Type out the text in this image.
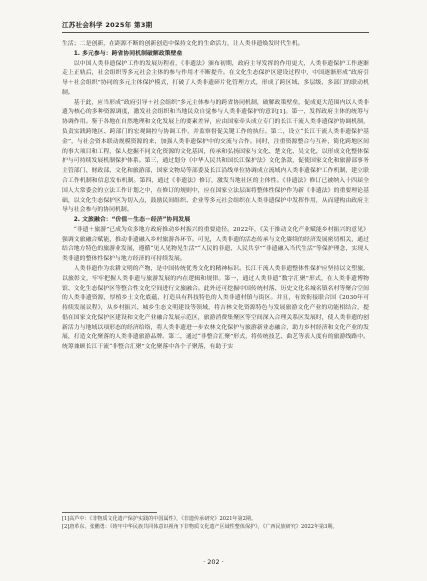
江苏社会科学 2025年 第3期

生活；二是创新，在距源不断的创新创造中保持文化的生命活力，让人类非遗焕发时代生机。

1. 多元参与：跨省协同机制破解政策壁垒

以中国人类非遗保护工作的发展历程看，《非遗法》颁布初期，政府主导发挥的作用更大，人类非遗保护工作逐渐走上正轨后，社会组织等多元社会主体的参与作用才不断提升。在文化生态保护区建设过程中，中国逐渐形成“政府引导＋社会组织”协同的多元主体保护模式，打破了人类非遗碎片化管理方式，形成了跨区域、多层级、多部门的联动机制。

基于此，应当形成“政府引导＋社会组织”多元主体参与的跨省协同机制，破解政策壁垒，促成更大范围内以人类非遗为核心的多种资源调度，激发社会组织和当地民众自觉参与人类非遗保护的意识[1]。第一，发挥政府主体的统筹与协调作用。鉴于各地在自然地理和文化发展上的要素差异，应由国家牵头成立专门的长江干流人类非遗保护协调机制，负责实践跨地区、跨部门的宏观调控与协调工作，并监察督促关键工作的执行。第二，设立“长江干流人类非遗保护基金”，与社会资本联动规模资源的来，加强人类非遗保护中的交流与合作。同时，注重资源整合与互补，简化跨地区间的事大项目和工程，保人挖掘不同文化资源的文化基因，传承和弘扬国家与文化、楚文化、吴文化，以形成文化整体保护与可持续发展机制保护体系。第三，通过划分《中华人民共和国长江保护法》文化条款，促使国家文化和旅游部事务主管部门、财政部、文化和旅游部，国家文物局等部委及长江沿线单位协调成立流域内人类非遗保护工作机制，建立联合工作机制和信息发布机制。第四，通过《非遗法》修订，激发当地社区的主体性。《非遗法》修订已被纳入十四届全国人大常委会的立法工作计划之中，在修订的规则中，应在国家立法层面将整体性保护作为新《非遗法》的重要理论基础，以文化生态保护区为切入点，鼓励民间组织、企业等多元社会组织在人类非遗保护中发挥作用，从而建构由政府主导与社会参与的协同机制。

2. 文旅融合：“价值－生态－经济”协同发展

“非遗＋旅游”已成为众多地方政府推动乡村振兴的重要途径。2022年，《关于推动文化产业赋能乡村振兴的意见》强调文旅融合赋能，推动非遗融入乡村旅游各环节。可见，人类非遗的活态传承与文化赓续的经济发展密切相关，通过结合地方特色的旅游业发展，遵循“见人见物见生活”“人民的非遗、人民共享”“非遗融入当代生活”等保护理念，实现人类非遗的整体性保护与地方经济的可持续发展。

人类非遗作为农耕文明的产物，是中国传统优秀文化的精神标识。长江干流人类非遗整体性保护应坚持以文塑旅，以旅彰文，牢牢把握人类非遗与旅游发展的内在逻辑和规律。第一，通过人类非遗“数字汇聚”形式，在人类非遗博物馆、文化生态保护区等整合性文化空间进行文旅融合。此外还可挖掘中国传统村落、历史文化名城名镇名村等聚合空间的人类非遗资源，厚植乡土文化底蕴，打造具有科技特色的人类非遗村镇与街区。并且，有效衔接联合国《2030年可持续发展议程》，从乡村振兴、城乡生态文明建设等领域，将吉林文化资源特色与发展旅游文化产业的功能相结合，提倡在国家文化保护区建设和文化产业融合发展示范区，旅游消费集聚区等空间深入合理关系区发展时，使人类非遗的创新活力与地域以项形态的经济给络，将人类非遗进一步农林文化保护与旅游新业态融合，助力乡村经济和文化产业的发展，打造文化聚落的人类非遗旅游品牌。第二，通过“非整合汇聚”形式，将传统技艺、曲艺等表人度有的旅游线路中。统筹兼顾长江干流“非整合汇聚”文化聚落中各个子聚落，有助于实

[1]高芦中：《非物质文化遗产保护实践的中国属性》，《非遗传承研究》2021年第2期。

[2]唐革东、张鹏勇：《铸牢中华民族共同体意识视角下非物质文化遗产区域性整体保护》，《广西民族研究》2022年第3期。

· 202 ·
